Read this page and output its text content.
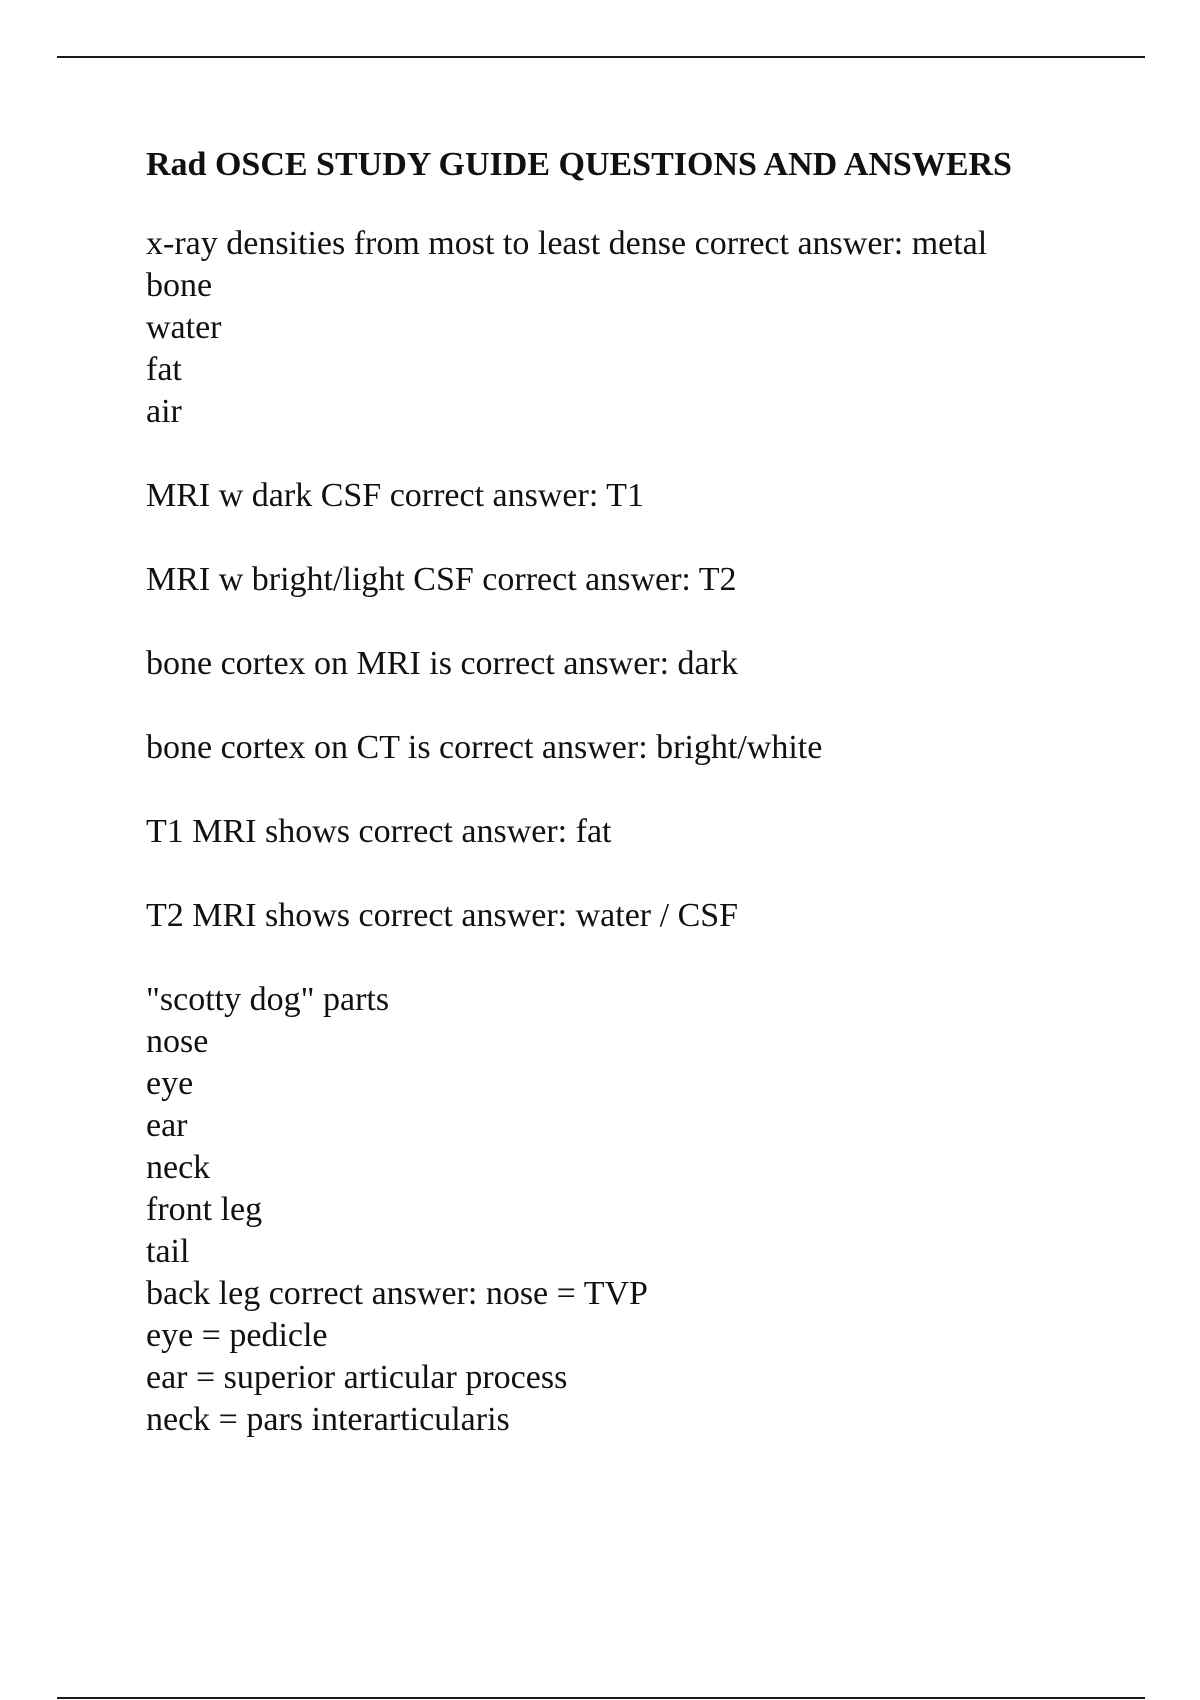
Rad OSCE STUDY GUIDE QUESTIONS AND ANSWERS
x-ray densities from most to least dense correct answer: metal
bone
water
fat
air
MRI w dark CSF correct answer: T1
MRI w bright/light CSF correct answer: T2
bone cortex on MRI is correct answer: dark
bone cortex on CT is correct answer: bright/white
T1 MRI shows correct answer: fat
T2 MRI shows correct answer: water / CSF
"scotty dog" parts
nose
eye
ear
neck
front leg
tail
back leg correct answer: nose = TVP
eye = pedicle
ear = superior articular process
neck = pars interarticularis
